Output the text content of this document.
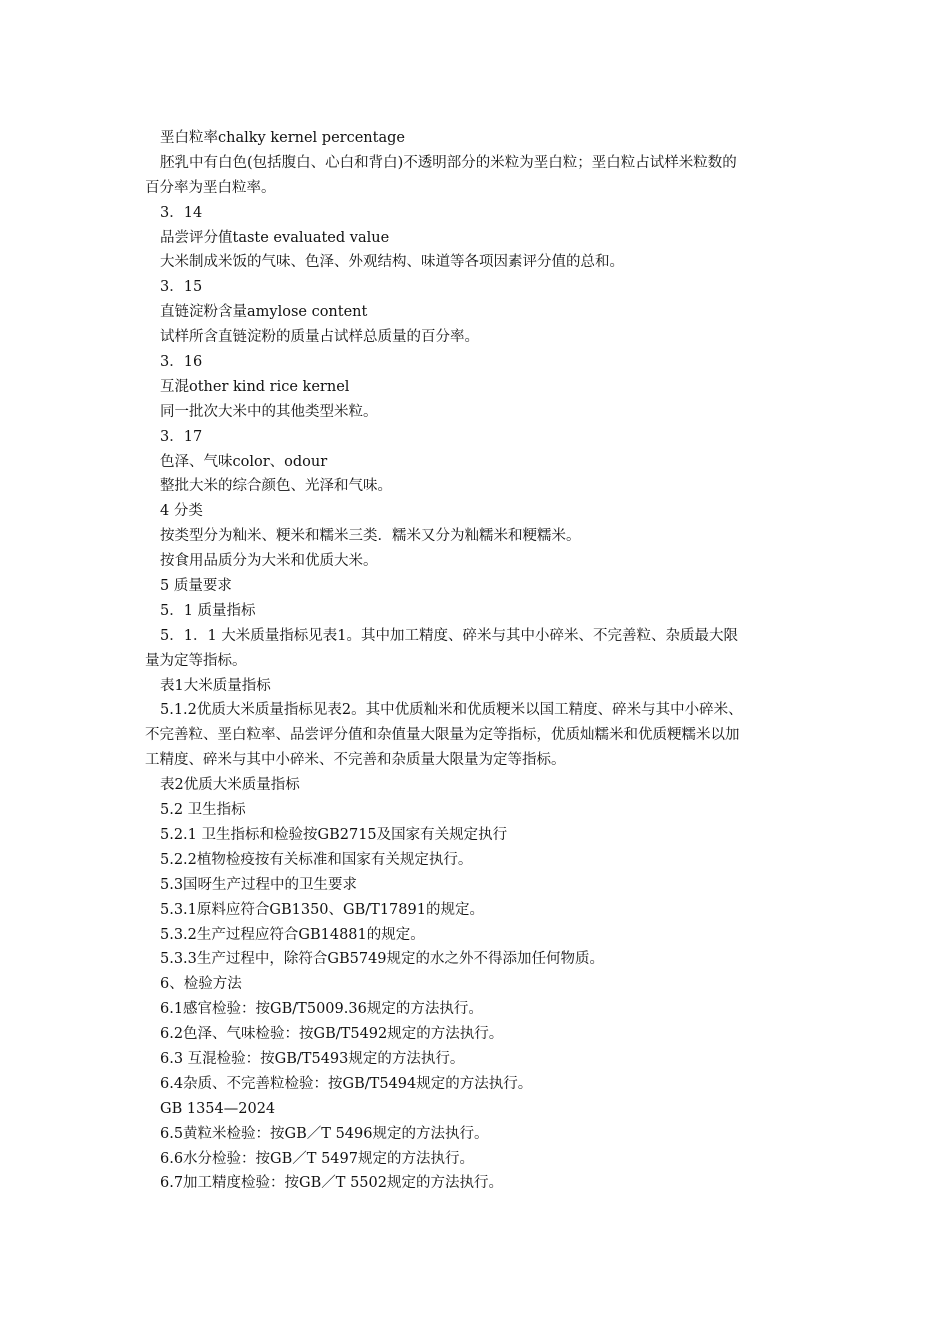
垩白粒率chalky kernel percentage
胚乳中有白色(包括腹白、心白和背白)不透明部分的米粒为垩白粒；垩白粒占试样米粒数的
百分率为垩白粒率。
3．14
品尝评分值taste evaluated value
大米制成米饭的气味、色泽、外观结构、味道等各项因素评分值的总和。
3．15
直链淀粉含量amylose content
试样所含直链淀粉的质量占试样总质量的百分率。
3．16
互混other kind rice kernel
同一批次大米中的其他类型米粒。
3．17
色泽、气味color、odour
整批大米的综合颜色、光泽和气味。
4 分类
按类型分为籼米、粳米和糯米三类．糯米又分为籼糯米和粳糯米。
按食用品质分为大米和优质大米。
5 质量要求
5．1 质量指标
5．1．1 大米质量指标见表1。其中加工精度、碎米与其中小碎米、不完善粒、杂质最大限
量为定等指标。
表1大米质量指标
5.1.2优质大米质量指标见表2。其中优质籼米和优质粳米以国工精度、碎米与其中小碎米、
不完善粒、垩白粒率、品尝评分值和杂值量大限量为定等指标，优质灿糯米和优质粳糯米以加
工精度、碎米与其中小碎米、不完善和杂质量大限量为定等指标。
表2优质大米质量指标
5.2 卫生指标
5.2.1 卫生指标和检验按GB2715及国家有关规定执行
5.2.2植物检疫按有关标准和国家有关规定执行。
5.3国呀生产过程中的卫生要求
5.3.1原料应符合GB1350、GB/T17891的规定。
5.3.2生产过程应符合GB14881的规定。
5.3.3生产过程中，除符合GB5749规定的水之外不得添加任何物质。
6、检验方法
6.1感官检验：按GB/T5009.36规定的方法执行。
6.2色泽、气味检验：按GB/T5492规定的方法执行。
6.3 互混检验：按GB/T5493规定的方法执行。
6.4杂质、不完善粒检验：按GB/T5494规定的方法执行。
GB 1354—2024
6.5黄粒米检验：按GB／T 5496规定的方法执行。
6.6水分检验：按GB／T 5497规定的方法执行。
6.7加工精度检验：按GB／T 5502规定的方法执行。
